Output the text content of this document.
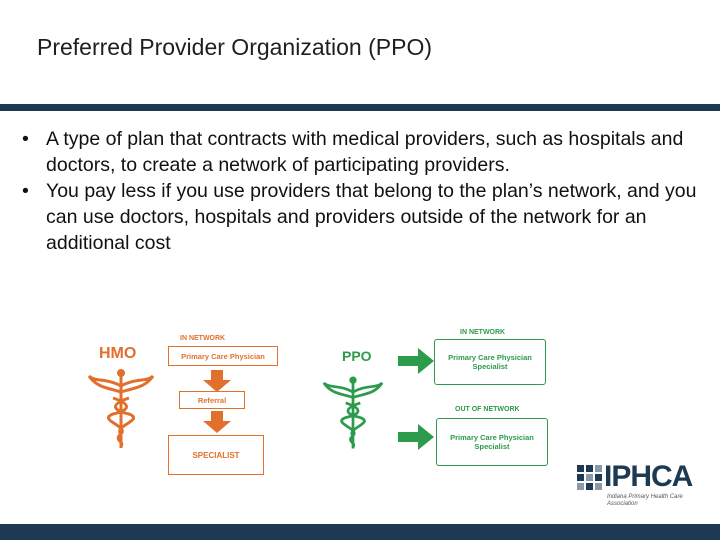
Preferred Provider Organization (PPO)
• A type of plan that contracts with medical providers, such as hospitals and doctors, to create a network of participating providers.
• You pay less if you use providers that belong to the plan’s network, and you can use doctors, hospitals and providers outside of the network for an additional cost
HMO
IN NETWORK
Primary Care Physician
Referral
SPECIALIST
PPO
IN NETWORK
Primary Care Physician
Specialist
OUT OF NETWORK
Primary Care Physician
Specialist
IPHCA
Indiana Primary Health Care
Association
